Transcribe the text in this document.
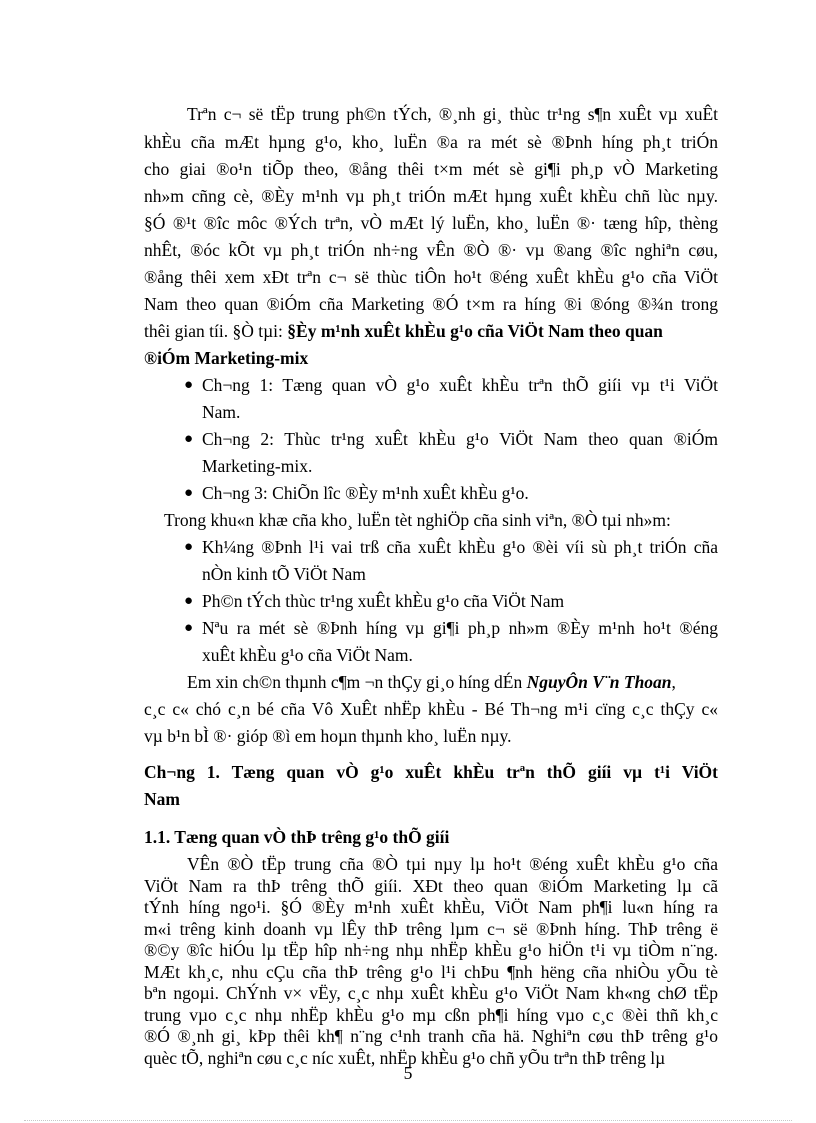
Trªn c¬ së tËp trung ph©n tÝch, ®¸nh gi¸ thùc tr¹ng s¶n xuÊt vµ xuÊt
khÈu cña mÆt hµng g¹o, kho¸ luËn ®a ra mét sè ®Þnh híng ph¸t triÓn
cho giai ®o¹n tiÕp theo, ®ång thêi t×m mét sè gi¶i ph¸p vÒ Marketing
nh»m cñng cè, ®Èy m¹nh vµ ph¸t triÓn mÆt hµng xuÊt khÈu chñ lùc nµy.
§Ó ®¹t ®îc môc ®Ých trªn, vÒ mÆt lý luËn, kho¸ luËn ®· tæng hîp, thèng
nhÊt, ®óc kÕt vµ ph¸t triÓn nh÷ng vÊn ®Ò ®· vµ ®ang ®îc nghiªn cøu,
®ång thêi xem xÐt trªn c¬ së thùc tiÔn ho¹t ®éng xuÊt khÈu g¹o cña ViÖt
Nam theo quan ®iÓm cña Marketing ®Ó t×m ra híng ®i ®óng ®¾n trong
thêi gian tíi. §Ò tµi: §Èy m¹nh xuÊt khÈu g¹o cña ViÖt Nam theo quan
®iÓm Marketing-mix
● Ch¬ng 1: Tæng quan vÒ g¹o xuÊt khÈu trªn thÕ giíi vµ t¹i ViÖt
Nam.
● Ch¬ng 2: Thùc tr¹ng xuÊt khÈu g¹o ViÖt Nam theo quan ®iÓm
Marketing-mix.
● Ch¬ng 3: ChiÕn lîc ®Èy m¹nh xuÊt khÈu g¹o.
Trong khu«n khæ cña kho¸ luËn tèt nghiÖp cña sinh viªn, ®Ò tµi nh»m:
● Kh¼ng ®Þnh l¹i vai trß cña xuÊt khÈu g¹o ®èi víi sù ph¸t triÓn cña
nÒn kinh tÕ ViÖt Nam
● Ph©n tÝch thùc tr¹ng xuÊt khÈu g¹o cña ViÖt Nam
● Nªu ra mét sè ®Þnh híng vµ gi¶i ph¸p nh»m ®Èy m¹nh ho¹t ®éng
xuÊt khÈu g¹o cña ViÖt Nam.
Em xin ch©n thµnh c¶m ¬n thÇy gi¸o híng dÉn NguyÔn V¨n Thoan,
c¸c c« chó c¸n bé cña Vô XuÊt nhËp khÈu - Bé Th¬ng m¹i cïng c¸c thÇy c«
vµ b¹n bÌ ®· gióp ®ì em hoµn thµnh kho¸ luËn nµy.
Ch¬ng 1. Tæng quan vÒ g¹o xuÊt khÈu trªn thÕ giíi vµ t¹i ViÖt
Nam
1.1. Tæng quan vÒ thÞ trêng g¹o thÕ giíi
VÊn ®Ò tËp trung cña ®Ò tµi nµy lµ ho¹t ®éng xuÊt khÈu g¹o cña
ViÖt Nam ra thÞ trêng thÕ giíi. XÐt theo quan ®iÓm Marketing lµ cã
tÝnh híng ngo¹i. §Ó ®Èy m¹nh xuÊt khÈu, ViÖt Nam ph¶i lu«n híng ra
m«i trêng kinh doanh vµ lÊy thÞ trêng lµm c¬ së ®Þnh híng. ThÞ trêng ë
®©y ®îc hiÓu lµ tËp hîp nh÷ng nhµ nhËp khÈu g¹o hiÖn t¹i vµ tiÒm n¨ng.
MÆt kh¸c, nhu cÇu cña thÞ trêng g¹o l¹i chÞu ¶nh hëng cña nhiÒu yÕu tè
bªn ngoµi. ChÝnh v× vËy, c¸c nhµ xuÊt khÈu g¹o ViÖt Nam kh«ng chØ tËp
trung vµo c¸c nhµ nhËp khÈu g¹o mµ cßn ph¶i híng vµo c¸c ®èi thñ kh¸c
5
®Ó ®¸nh gi¸ kÞp thêi kh¶ n¨ng c¹nh tranh cña hä. Nghiªn cøu thÞ trêng g¹o
quèc tÕ, nghiªn cøu c¸c níc xuÊt, nhËp khÈu g¹o chñ yÕu trªn thÞ trêng lµ
